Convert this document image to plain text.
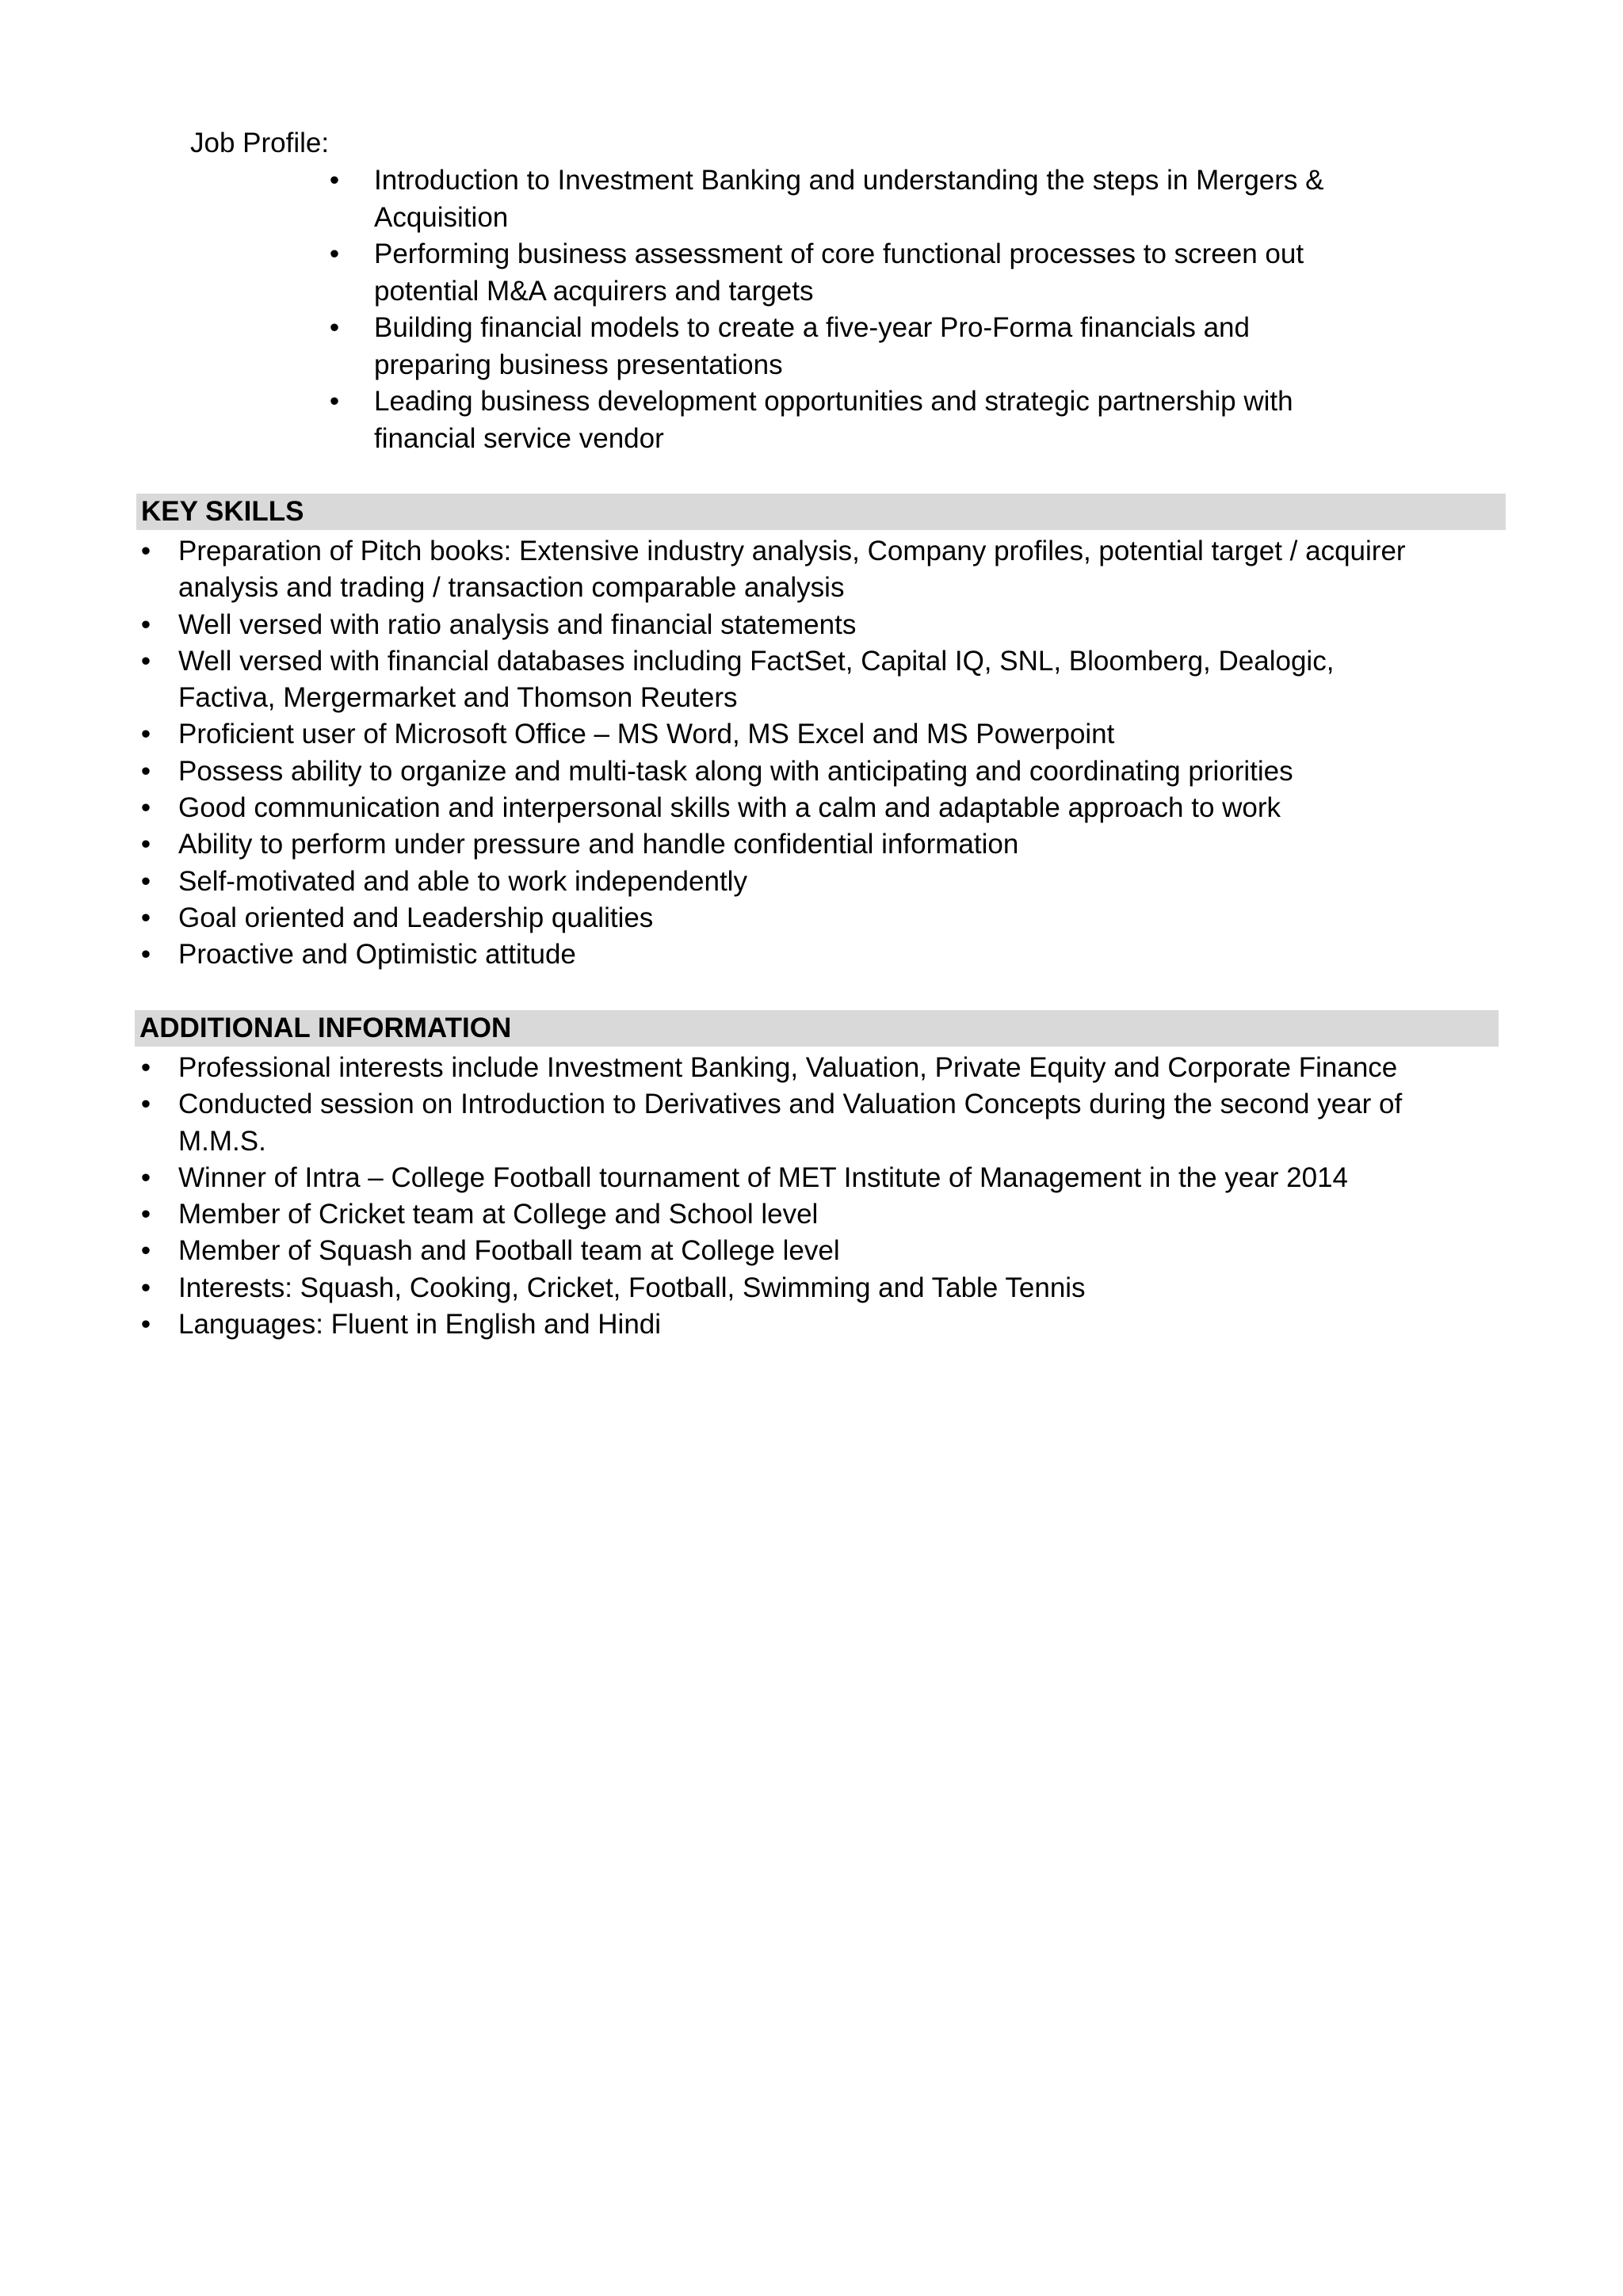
Job Profile:
• Introduction to Investment Banking and understanding the steps in Mergers & Acquisition
• Performing business assessment of core functional processes to screen out potential M&A acquirers and targets
• Building financial models to create a five-year Pro-Forma financials and preparing business presentations
• Leading business development opportunities and strategic partnership with financial service vendor
KEY SKILLS
• Preparation of Pitch books: Extensive industry analysis, Company profiles, potential target / acquirer analysis and trading / transaction comparable analysis
• Well versed with ratio analysis and financial statements
• Well versed with financial databases including FactSet, Capital IQ, SNL, Bloomberg, Dealogic, Factiva, Mergermarket and Thomson Reuters
• Proficient user of Microsoft Office – MS Word, MS Excel and MS Powerpoint
• Possess ability to organize and multi-task along with anticipating and coordinating priorities
• Good communication and interpersonal skills with a calm and adaptable approach to work
• Ability to perform under pressure and handle confidential information
• Self-motivated and able to work independently
• Goal oriented and Leadership qualities
• Proactive and Optimistic attitude
ADDITIONAL INFORMATION
• Professional interests include Investment Banking, Valuation, Private Equity and Corporate Finance
• Conducted session on Introduction to Derivatives and Valuation Concepts during the second year of M.M.S.
• Winner of Intra – College Football tournament of MET Institute of Management in the year 2014
• Member of Cricket team at College and School level
• Member of Squash and Football team at College level
• Interests: Squash, Cooking, Cricket, Football, Swimming and Table Tennis
• Languages: Fluent in English and Hindi
